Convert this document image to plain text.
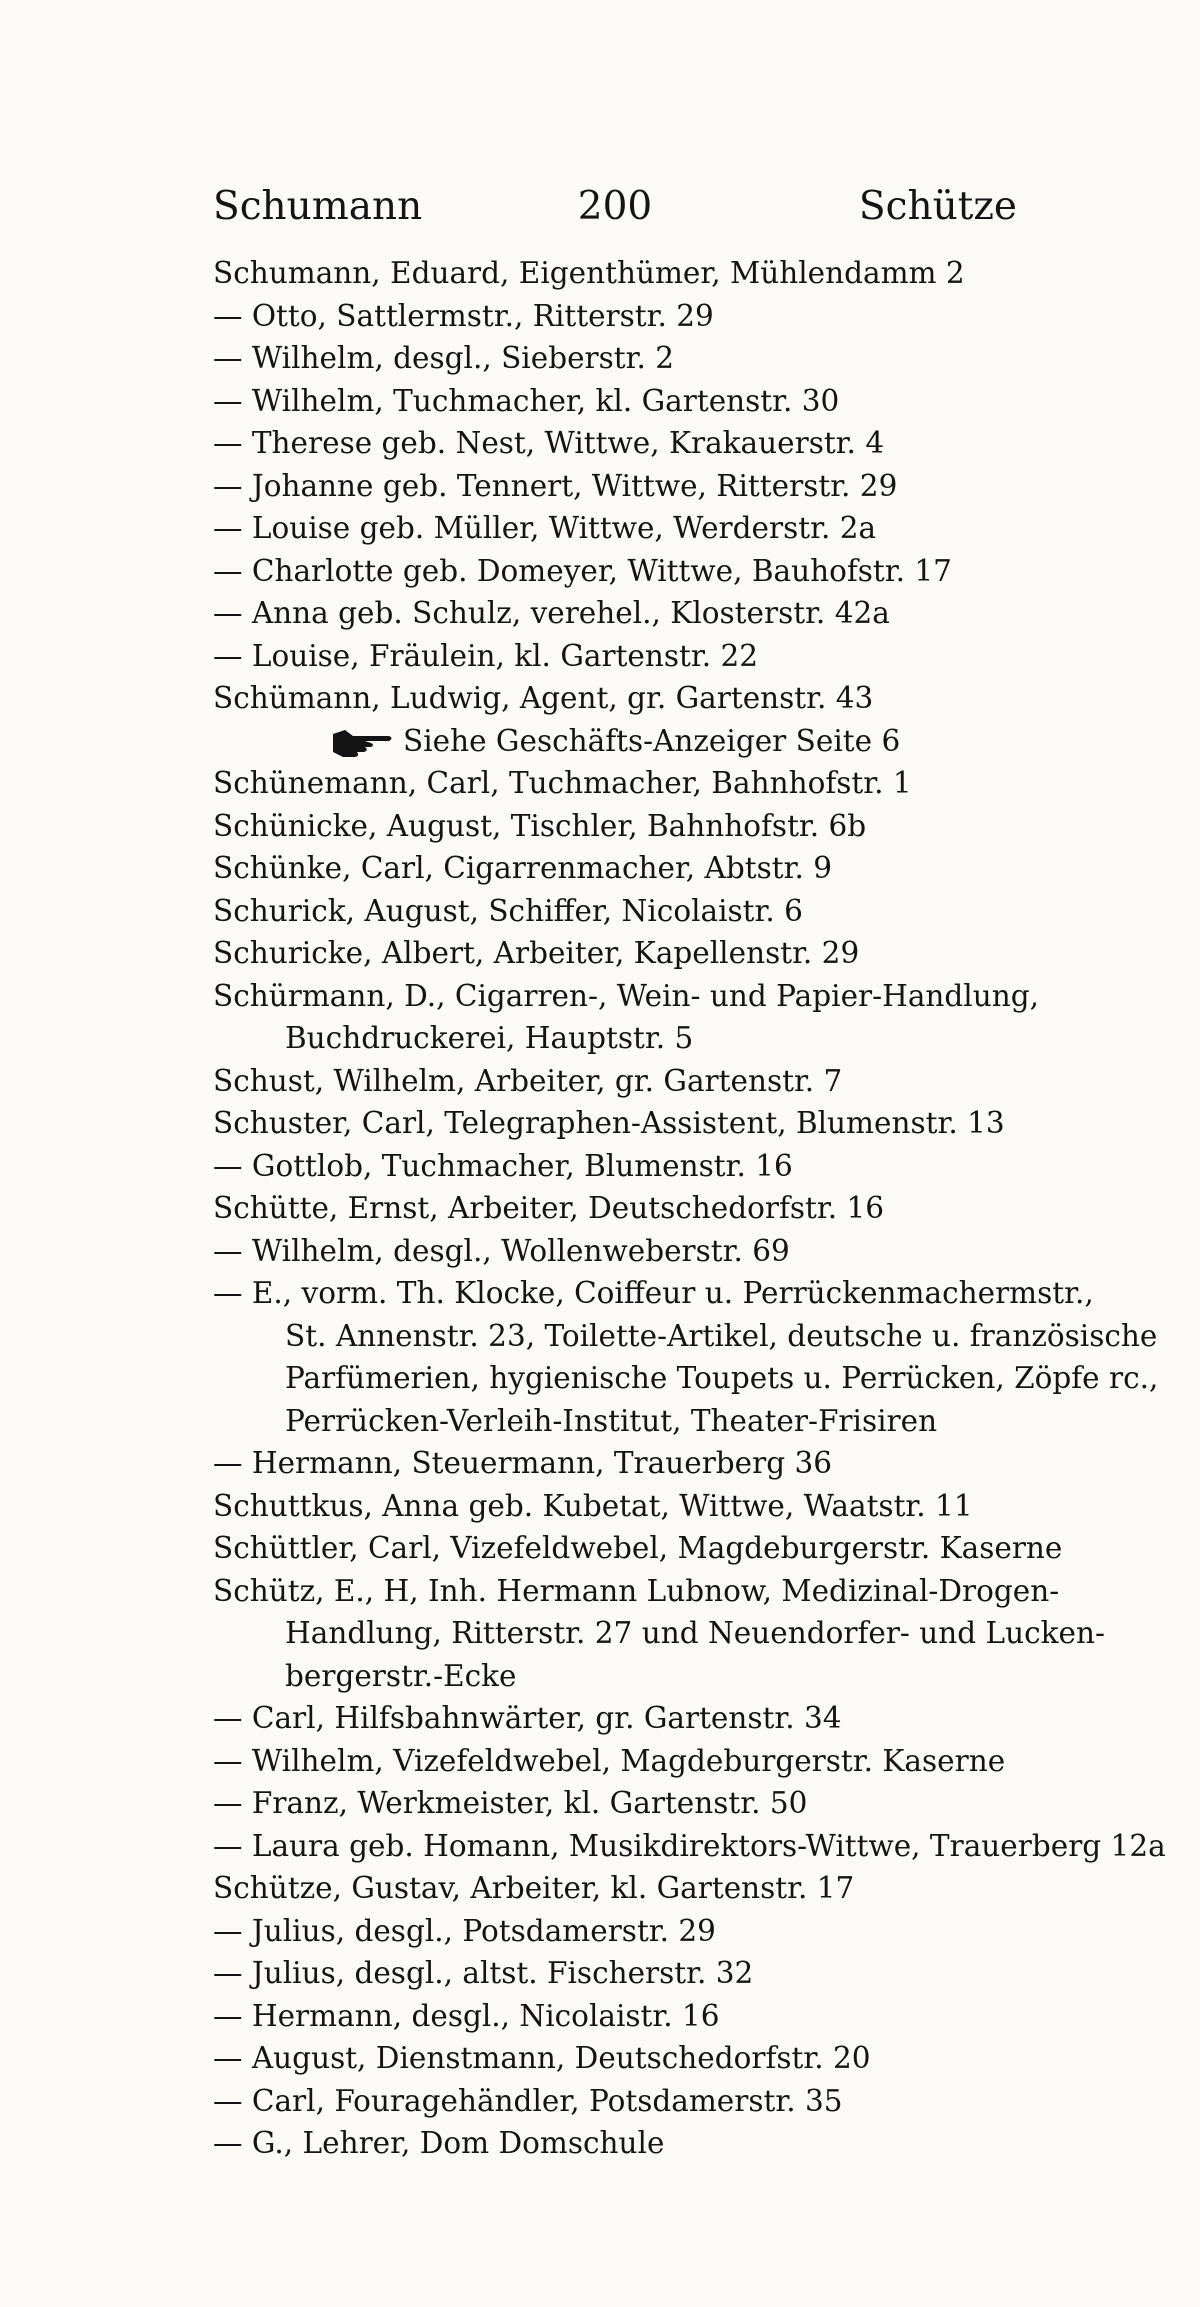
Schumann	200	Schütze
Schumann, Eduard, Eigenthümer, Mühlendamm 2
— Otto, Sattlermstr., Ritterstr. 29
— Wilhelm, desgl., Sieberstr. 2
— Wilhelm, Tuchmacher, kl. Gartenstr. 30
— Therese geb. Nest, Wittwe, Krakauerstr. 4
— Johanne geb. Tennert, Wittwe, Ritterstr. 29
— Louise geb. Müller, Wittwe, Werderstr. 2a
— Charlotte geb. Domeyer, Wittwe, Bauhofstr. 17
— Anna geb. Schulz, verehel., Klosterstr. 42a
— Louise, Fräulein, kl. Gartenstr. 22
Schümann, Ludwig, Agent, gr. Gartenstr. 43
Siehe Geschäfts-Anzeiger Seite 6
Schünemann, Carl, Tuchmacher, Bahnhofstr. 1
Schünicke, August, Tischler, Bahnhofstr. 6b
Schünke, Carl, Cigarrenmacher, Abtstr. 9
Schurick, August, Schiffer, Nicolaistr. 6
Schuricke, Albert, Arbeiter, Kapellenstr. 29
Schürmann, D., Cigarren-, Wein- und Papier-Handlung,
Buchdruckerei, Hauptstr. 5
Schust, Wilhelm, Arbeiter, gr. Gartenstr. 7
Schuster, Carl, Telegraphen-Assistent, Blumenstr. 13
— Gottlob, Tuchmacher, Blumenstr. 16
Schütte, Ernst, Arbeiter, Deutschedorfstr. 16
— Wilhelm, desgl., Wollenweberstr. 69
— E., vorm. Th. Klocke, Coiffeur u. Perrückenmachermstr.,
St. Annenstr. 23, Toilette-Artikel, deutsche u. französische
Parfümerien, hygienische Toupets u. Perrücken, Zöpfe rc.,
Perrücken-Verleih-Institut, Theater-Frisiren
— Hermann, Steuermann, Trauerberg 36
Schuttkus, Anna geb. Kubetat, Wittwe, Waatstr. 11
Schüttler, Carl, Vizefeldwebel, Magdeburgerstr. Kaserne
Schütz, E., H, Inh. Hermann Lubnow, Medizinal-Drogen-
Handlung, Ritterstr. 27 und Neuendorfer- und Lucken-
bergerstr.-Ecke
— Carl, Hilfsbahnwärter, gr. Gartenstr. 34
— Wilhelm, Vizefeldwebel, Magdeburgerstr. Kaserne
— Franz, Werkmeister, kl. Gartenstr. 50
— Laura geb. Homann, Musikdirektors-Wittwe, Trauerberg 12a
Schütze, Gustav, Arbeiter, kl. Gartenstr. 17
— Julius, desgl., Potsdamerstr. 29
— Julius, desgl., altst. Fischerstr. 32
— Hermann, desgl., Nicolaistr. 16
— August, Dienstmann, Deutschedorfstr. 20
— Carl, Fouragehändler, Potsdamerstr. 35
— G., Lehrer, Dom Domschule
